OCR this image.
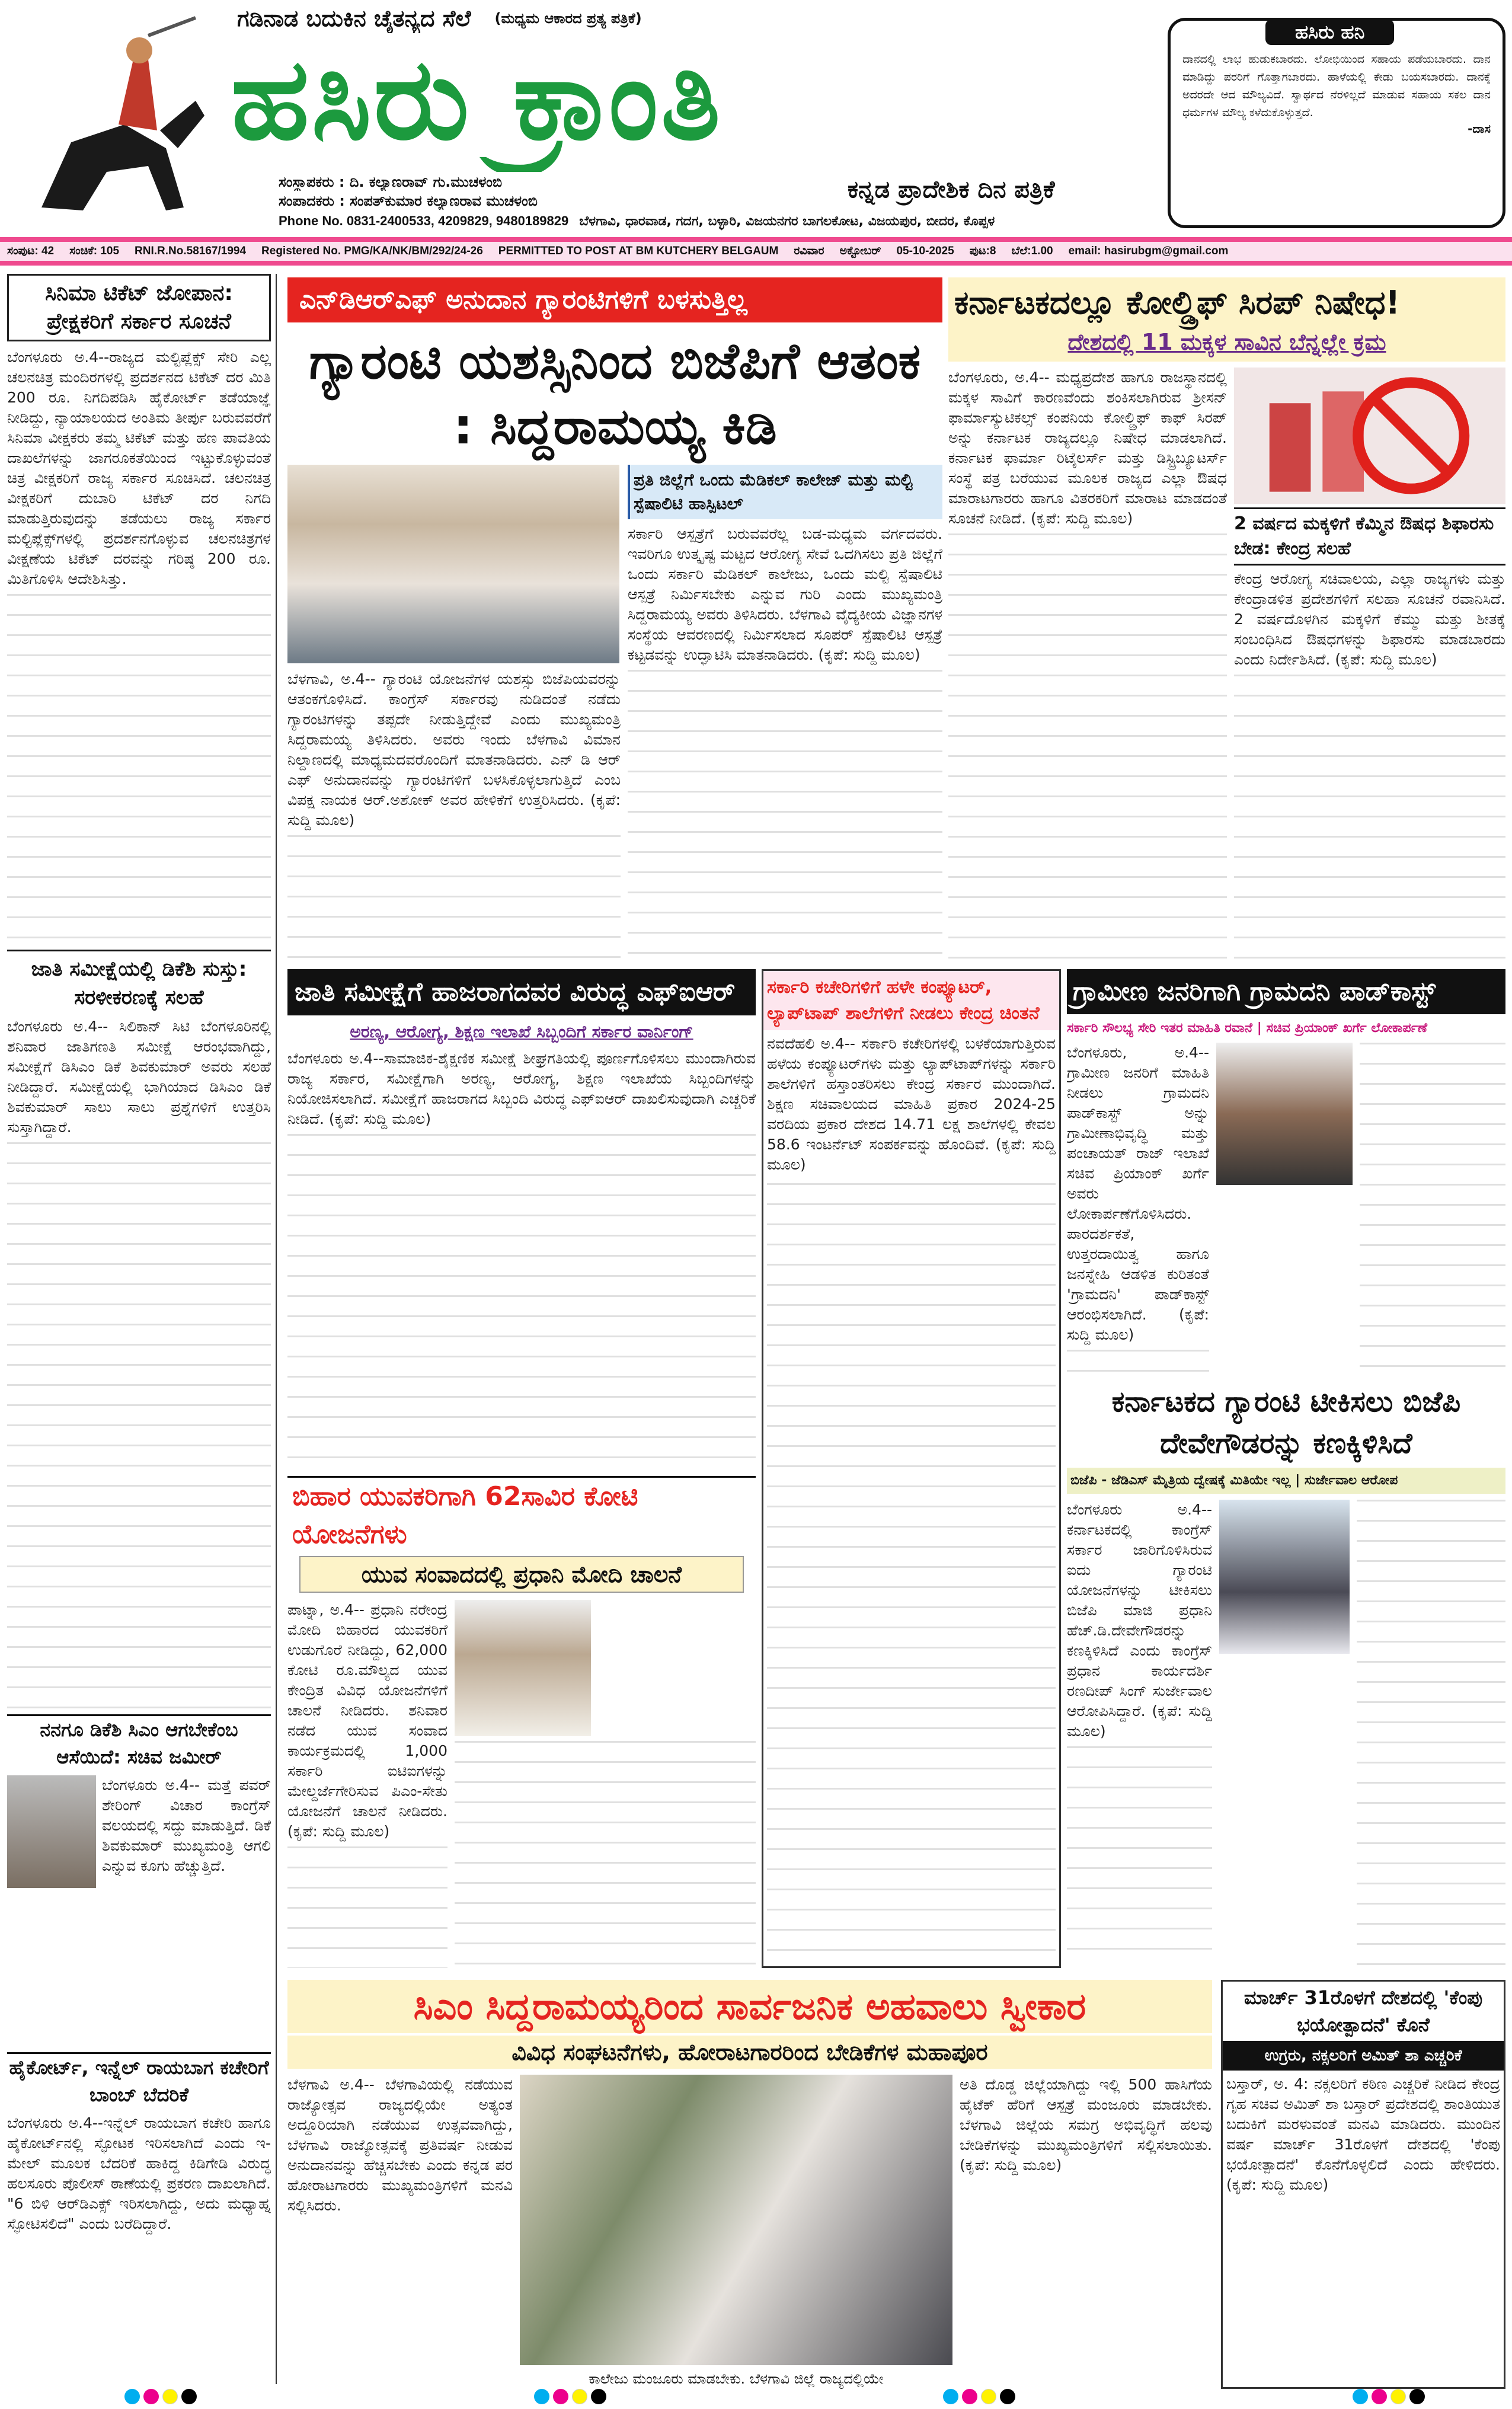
ಗಡಿನಾಡ ಬದುಕಿನ ಚೈತನ್ಯದ ಸೆಲೆ (ಮಧ್ಯಮ ಆಕಾರದ ಪ್ರತ್ಯ ಪತ್ರಿಕೆ)
ಹಸಿರು ಕ್ರಾಂತಿ
ಸಂಸ್ಥಾಪಕರು : ದಿ. ಕಲ್ಯಾಣರಾವ್ ಗು.ಮುಚಳಂಬಿ
ಸಂಪಾದಕರು : ಸಂಪತ್‌ಕುಮಾರ ಕಲ್ಯಾಣರಾವ ಮುಚಳಂಬಿ	ಕನ್ನಡ ಪ್ರಾದೇಶಿಕ ದಿನ ಪತ್ರಿಕೆ
Phone No. 0831-2400533, 4209829, 9480189829 ಬೆಳಗಾವಿ, ಧಾರವಾಡ, ಗದಗ, ಬಳ್ಳಾರಿ, ವಿಜಯನಗರ ಬಾಗಲಕೋಟ, ವಿಜಯಪುರ, ಬೀದರ, ಕೊಪ್ಪಳ
ಹಸಿರು ಹನಿ
ದಾನದಲ್ಲಿ ಲಾಭ ಹುಡುಕಬಾರದು. ಲೋಭಿಯಿಂದ ಸಹಾಯ ಪಡೆಯಬಾರದು. ದಾನ ಮಾಡಿದ್ದು ಪರರಿಗೆ ಗೊತ್ತಾಗಬಾರದು. ಹಾಳೆಯಲ್ಲಿ ಕೇಡು ಬಯಸಬಾರದು. ದಾನಕ್ಕೆ ಅದರದೇ ಆದ ಮೌಲ್ಯವಿದೆ. ಸ್ವಾರ್ಥದ ನೆರಳಿಲ್ಲದೆ ಮಾಡುವ ಸಹಾಯ ಸಕಲ ದಾನ ಧರ್ಮಗಳ ಮೌಲ್ಯ ಕಳೆದುಕೊಳ್ಳುತ್ತದೆ.
-ದಾಸ
ಸಂಪುಟ: 42 ಸಂಚಿಕೆ: 105 RNI.R.No.58167/1994 Registered No. PMG/KA/NK/BM/292/24-26 PERMITTED TO POST AT BM KUTCHERY BELGAUM ರವಿವಾರ ಅಕ್ಟೋಬರ್ 05-10-2025 ಪುಟ:8 ಬೆಲೆ:1.00 email: hasirubgm@gmail.com
ಸಿನಿಮಾ ಟಿಕೆಟ್ ಜೋಪಾನ: ಪ್ರೇಕ್ಷಕರಿಗೆ ಸರ್ಕಾರ ಸೂಚನೆ
ಬೆಂಗಳೂರು ಅ.4--ರಾಜ್ಯದ ಮಲ್ಟಿಪ್ಲೆಕ್ಸ್ ಸೇರಿ ಎಲ್ಲ ಚಲನಚಿತ್ರ ಮಂದಿರಗಳಲ್ಲಿ ಪ್ರದರ್ಶನದ ಟಿಕೆಟ್ ದರ ಮಿತಿ 200 ರೂ. ನಿಗದಿಪಡಿಸಿ ಹೈಕೋರ್ಟ್ ತಡೆಯಾಜ್ಞೆ ನೀಡಿದ್ದು, ನ್ಯಾಯಾಲಯದ ಅಂತಿಮ ತೀರ್ಪು ಬರುವವರೆಗೆ ಸಿನಿಮಾ ವೀಕ್ಷಕರು ತಮ್ಮ ಟಿಕೆಟ್ ಮತ್ತು ಹಣ ಪಾವತಿಯ ದಾಖಲೆಗಳನ್ನು ಜಾಗರೂಕತೆಯಿಂದ ಇಟ್ಟುಕೊಳ್ಳುವಂತೆ ಚಿತ್ರ ವೀಕ್ಷಕರಿಗೆ ರಾಜ್ಯ ಸರ್ಕಾರ ಸೂಚಿಸಿದೆ. ಚಲನಚಿತ್ರ ವೀಕ್ಷಕರಿಗೆ ದುಬಾರಿ ಟಿಕೆಟ್ ದರ ನಿಗದಿ ಮಾಡುತ್ತಿರುವುದನ್ನು ತಡೆಯಲು ರಾಜ್ಯ ಸರ್ಕಾರ ಮಲ್ಟಿಪ್ಲೆಕ್ಸ್‌ಗಳಲ್ಲಿ ಪ್ರದರ್ಶನಗೊಳ್ಳುವ ಚಲನಚಿತ್ರಗಳ ವೀಕ್ಷಣೆಯ ಟಿಕೆಟ್ ದರವನ್ನು ಗರಿಷ್ಠ 200 ರೂ. ಮಿತಿಗೊಳಿಸಿ ಆದೇಶಿಸಿತ್ತು.
ಜಾತಿ ಸಮೀಕ್ಷೆಯಲ್ಲಿ ಡಿಕೆಶಿ ಸುಸ್ತು: ಸರಳೀಕರಣಕ್ಕೆ ಸಲಹೆ
ಬೆಂಗಳೂರು ಅ.4-- ಸಿಲಿಕಾನ್ ಸಿಟಿ ಬೆಂಗಳೂರಿನಲ್ಲಿ ಶನಿವಾರ ಜಾತಿಗಣತಿ ಸಮೀಕ್ಷೆ ಆರಂಭವಾಗಿದ್ದು, ಸಮೀಕ್ಷೆಗೆ ಡಿಸಿಎಂ ಡಿಕೆ ಶಿವಕುಮಾರ್ ಅವರು ಸಲಹೆ ನೀಡಿದ್ದಾರೆ. ಸಮೀಕ್ಷೆಯಲ್ಲಿ ಭಾಗಿಯಾದ ಡಿಸಿಎಂ ಡಿಕೆ ಶಿವಕುಮಾರ್ ಸಾಲು ಸಾಲು ಪ್ರಶ್ನೆಗಳಿಗೆ ಉತ್ತರಿಸಿ ಸುಸ್ತಾಗಿದ್ದಾರೆ.
ನನಗೂ ಡಿಕೆಶಿ ಸಿಎಂ ಆಗಬೇಕೆಂಬ ಆಸೆಯಿದೆ: ಸಚಿವ ಜಮೀರ್
ಬೆಂಗಳೂರು ಅ.4-- ಮತ್ತೆ ಪವರ್ ಶೇರಿಂಗ್ ವಿಚಾರ ಕಾಂಗ್ರೆಸ್ ವಲಯದಲ್ಲಿ ಸದ್ದು ಮಾಡುತ್ತಿದೆ. ಡಿಕೆ ಶಿವಕುಮಾರ್ ಮುಖ್ಯಮಂತ್ರಿ ಆಗಲಿ ಎನ್ನುವ ಕೂಗು ಹೆಚ್ಚುತ್ತಿದೆ.
ಹೈಕೋರ್ಟ್, ಇನ್ನೆಲ್ ರಾಯಬಾಗ ಕಚೇರಿಗೆ ಬಾಂಬ್ ಬೆದರಿಕೆ
ಬೆಂಗಳೂರು ಅ.4--ಇನ್ನೆಲ್ ರಾಯಬಾಗ ಕಚೇರಿ ಹಾಗೂ ಹೈಕೋರ್ಟ್‌ನಲ್ಲಿ ಸ್ಫೋಟಕ ಇರಿಸಲಾಗಿದೆ ಎಂದು ಇ-ಮೇಲ್ ಮೂಲಕ ಬೆದರಿಕೆ ಹಾಕಿದ್ದ ಕಿಡಿಗೇಡಿ ವಿರುದ್ಧ ಹಲಸೂರು ಪೊಲೀಸ್ ಠಾಣೆಯಲ್ಲಿ ಪ್ರಕರಣ ದಾಖಲಾಗಿದೆ. "6 ಬಿಳಿ ಆರ್‌ಡಿಎಕ್ಸ್ ಇರಿಸಲಾಗಿದ್ದು, ಅದು ಮಧ್ಯಾಹ್ನ ಸ್ಫೋಟಿಸಲಿದೆ" ಎಂದು ಬರೆದಿದ್ದಾರೆ.
ಎನ್‌ಡಿಆರ್‌ಎಫ್ ಅನುದಾನ ಗ್ಯಾರಂಟಿಗಳಿಗೆ ಬಳಸುತ್ತಿಲ್ಲ
ಗ್ಯಾರಂಟಿ ಯಶಸ್ಸಿನಿಂದ ಬಿಜೆಪಿಗೆ ಆತಂಕ : ಸಿದ್ದರಾಮಯ್ಯ ಕಿಡಿ
ಬೆಳಗಾವಿ, ಅ.4-- ಗ್ಯಾರಂಟಿ ಯೋಜನೆಗಳ ಯಶಸ್ಸು ಬಿಜೆಪಿಯವರನ್ನು ಆತಂಕಗೊಳಿಸಿದೆ. ಕಾಂಗ್ರೆಸ್ ಸರ್ಕಾರವು ನುಡಿದಂತೆ ನಡೆದು ಗ್ಯಾರಂಟಿಗಳನ್ನು ತಪ್ಪದೇ ನೀಡುತ್ತಿದ್ದೇವೆ ಎಂದು ಮುಖ್ಯಮಂತ್ರಿ ಸಿದ್ದರಾಮಯ್ಯ ತಿಳಿಸಿದರು. ಅವರು ಇಂದು ಬೆಳಗಾವಿ ವಿಮಾನ ನಿಲ್ದಾಣದಲ್ಲಿ ಮಾಧ್ಯಮದವರೊಂದಿಗೆ ಮಾತನಾಡಿದರು. ಎನ್ ಡಿ ಆರ್ ಎಫ್ ಅನುದಾನವನ್ನು ಗ್ಯಾರಂಟಿಗಳಿಗೆ ಬಳಸಿಕೊಳ್ಳಲಾಗುತ್ತಿದೆ ಎಂಬ ವಿಪಕ್ಷ ನಾಯಕ ಆರ್.ಅಶೋಕ್ ಅವರ ಹೇಳಿಕೆಗೆ ಉತ್ತರಿಸಿದರು. (ಕೃಪೆ: ಸುದ್ದಿ ಮೂಲ)
ಪ್ರತಿ ಜಿಲ್ಲೆಗೆ ಒಂದು ಮೆಡಿಕಲ್ ಕಾಲೇಜ್ ಮತ್ತು ಮಲ್ಟಿ ಸ್ಪೆಷಾಲಿಟಿ ಹಾಸ್ಪಿಟಲ್
ಸರ್ಕಾರಿ ಆಸ್ಪತ್ರೆಗೆ ಬರುವವರೆಲ್ಲ ಬಡ-ಮಧ್ಯಮ ವರ್ಗದವರು. ಇವರಿಗೂ ಉತ್ಕೃಷ್ಟ ಮಟ್ಟದ ಆರೋಗ್ಯ ಸೇವೆ ಒದಗಿಸಲು ಪ್ರತಿ ಜಿಲ್ಲೆಗೆ ಒಂದು ಸರ್ಕಾರಿ ಮೆಡಿಕಲ್ ಕಾಲೇಜು, ಒಂದು ಮಲ್ಟಿ ಸ್ಪೆಷಾಲಿಟಿ ಆಸ್ಪತ್ರೆ ನಿರ್ಮಿಸಬೇಕು ಎನ್ನುವ ಗುರಿ ಎಂದು ಮುಖ್ಯಮಂತ್ರಿ ಸಿದ್ದರಾಮಯ್ಯ ಅವರು ತಿಳಿಸಿದರು. ಬೆಳಗಾವಿ ವೈದ್ಯಕೀಯ ವಿಜ್ಞಾನಗಳ ಸಂಸ್ಥೆಯ ಆವರಣದಲ್ಲಿ ನಿರ್ಮಿಸಲಾದ ಸೂಪರ್ ಸ್ಪೆಷಾಲಿಟಿ ಆಸ್ಪತ್ರೆ ಕಟ್ಟಡವನ್ನು ಉದ್ಘಾಟಿಸಿ ಮಾತನಾಡಿದರು. (ಕೃಪೆ: ಸುದ್ದಿ ಮೂಲ)
ಕರ್ನಾಟಕದಲ್ಲೂ ಕೋಲ್ಡ್ರಿಫ್ ಸಿರಪ್ ನಿಷೇಧ!
ದೇಶದಲ್ಲಿ 11 ಮಕ್ಕಳ ಸಾವಿನ ಬೆನ್ನಲ್ಲೇ ಕ್ರಮ
ಬೆಂಗಳೂರು, ಅ.4-- ಮಧ್ಯಪ್ರದೇಶ ಹಾಗೂ ರಾಜಸ್ಥಾನದಲ್ಲಿ ಮಕ್ಕಳ ಸಾವಿಗೆ ಕಾರಣವೆಂದು ಶಂಕಿಸಲಾಗಿರುವ ಶ್ರೀಸನ್ ಫಾರ್ಮಾಸ್ಯುಟಿಕಲ್ಸ್ ಕಂಪನಿಯ ಕೋಲ್ಡ್ರಿಫ್ ಕಾಫ್ ಸಿರಪ್ ಅನ್ನು ಕರ್ನಾಟಕ ರಾಜ್ಯದಲ್ಲೂ ನಿಷೇಧ ಮಾಡಲಾಗಿದೆ. ಕರ್ನಾಟಕ ಫಾರ್ಮಾ ರಿಟೈಲರ್ಸ್ ಮತ್ತು ಡಿಸ್ಟ್ರಿಬ್ಯೂಟರ್ಸ್ ಸಂಸ್ಥೆ ಪತ್ರ ಬರೆಯುವ ಮೂಲಕ ರಾಜ್ಯದ ಎಲ್ಲಾ ಔಷಧ ಮಾರಾಟಗಾರರು ಹಾಗೂ ವಿತರಕರಿಗೆ ಮಾರಾಟ ಮಾಡದಂತೆ ಸೂಚನೆ ನೀಡಿದೆ. (ಕೃಪೆ: ಸುದ್ದಿ ಮೂಲ)	2 ವರ್ಷದ ಮಕ್ಕಳಿಗೆ ಕೆಮ್ಮಿನ ಔಷಧ ಶಿಫಾರಸು ಬೇಡ: ಕೇಂದ್ರ ಸಲಹೆ
ಕೇಂದ್ರ ಆರೋಗ್ಯ ಸಚಿವಾಲಯ, ಎಲ್ಲಾ ರಾಜ್ಯಗಳು ಮತ್ತು ಕೇಂದ್ರಾಡಳಿತ ಪ್ರದೇಶಗಳಿಗೆ ಸಲಹಾ ಸೂಚನೆ ರವಾನಿಸಿದೆ. 2 ವರ್ಷದೊಳಗಿನ ಮಕ್ಕಳಿಗೆ ಕೆಮ್ಮು ಮತ್ತು ಶೀತಕ್ಕೆ ಸಂಬಂಧಿಸಿದ ಔಷಧಗಳನ್ನು ಶಿಫಾರಸು ಮಾಡಬಾರದು ಎಂದು ನಿರ್ದೇಶಿಸಿದೆ. (ಕೃಪೆ: ಸುದ್ದಿ ಮೂಲ)
ಜಾತಿ ಸಮೀಕ್ಷೆಗೆ ಹಾಜರಾಗದವರ ವಿರುದ್ಧ ಎಫ್‌ಐಆರ್
ಅರಣ್ಯ, ಆರೋಗ್ಯ, ಶಿಕ್ಷಣ ಇಲಾಖೆ ಸಿಬ್ಬಂದಿಗೆ ಸರ್ಕಾರ ವಾರ್ನಿಂಗ್
ಬೆಂಗಳೂರು ಅ.4--ಸಾಮಾಜಿಕ-ಶೈಕ್ಷಣಿಕ ಸಮೀಕ್ಷೆ ಶೀಘ್ರಗತಿಯಲ್ಲಿ ಪೂರ್ಣಗೊಳಿಸಲು ಮುಂದಾಗಿರುವ ರಾಜ್ಯ ಸರ್ಕಾರ, ಸಮೀಕ್ಷೆಗಾಗಿ ಅರಣ್ಯ, ಆರೋಗ್ಯ, ಶಿಕ್ಷಣ ಇಲಾಖೆಯ ಸಿಬ್ಬಂದಿಗಳನ್ನು ನಿಯೋಜಿಸಲಾಗಿದೆ. ಸಮೀಕ್ಷೆಗೆ ಹಾಜರಾಗದ ಸಿಬ್ಬಂದಿ ವಿರುದ್ಧ ಎಫ್‌ಐಆರ್ ದಾಖಲಿಸುವುದಾಗಿ ಎಚ್ಚರಿಕೆ ನೀಡಿದೆ. (ಕೃಪೆ: ಸುದ್ದಿ ಮೂಲ)
ಬಿಹಾರ ಯುವಕರಿಗಾಗಿ 62ಸಾವಿರ ಕೋಟಿ ಯೋಜನೆಗಳು
ಯುವ ಸಂವಾದದಲ್ಲಿ ಪ್ರಧಾನಿ ಮೋದಿ ಚಾಲನೆ
ಪಾಟ್ನಾ, ಅ.4-- ಪ್ರಧಾನಿ ನರೇಂದ್ರ ಮೋದಿ ಬಿಹಾರದ ಯುವಕರಿಗೆ ಉಡುಗೊರೆ ನೀಡಿದ್ದು, 62,000 ಕೋಟಿ ರೂ.ಮೌಲ್ಯದ ಯುವ ಕೇಂದ್ರಿತ ವಿವಿಧ ಯೋಜನೆಗಳಿಗೆ ಚಾಲನೆ ನೀಡಿದರು. ಶನಿವಾರ ನಡೆದ ಯುವ ಸಂವಾದ ಕಾರ್ಯಕ್ರಮದಲ್ಲಿ 1,000 ಸರ್ಕಾರಿ ಐಟಿಐಗಳನ್ನು ಮೇಲ್ದರ್ಜೆಗೇರಿಸುವ ಪಿಎಂ-ಸೇತು ಯೋಜನೆಗೆ ಚಾಲನೆ ನೀಡಿದರು. (ಕೃಪೆ: ಸುದ್ದಿ ಮೂಲ)
ಸರ್ಕಾರಿ ಕಚೇರಿಗಳಿಗೆ ಹಳೇ ಕಂಪ್ಯೂಟರ್, ಲ್ಯಾಪ್‌ಟಾಪ್ ಶಾಲೆಗಳಿಗೆ ನೀಡಲು ಕೇಂದ್ರ ಚಿಂತನೆ
ನವದೆಹಲಿ ಅ.4-- ಸರ್ಕಾರಿ ಕಚೇರಿಗಳಲ್ಲಿ ಬಳಕೆಯಾಗುತ್ತಿರುವ ಹಳೆಯ ಕಂಪ್ಯೂಟರ್‌ಗಳು ಮತ್ತು ಲ್ಯಾಪ್‌ಟಾಪ್‌ಗಳನ್ನು ಸರ್ಕಾರಿ ಶಾಲೆಗಳಿಗೆ ಹಸ್ತಾಂತರಿಸಲು ಕೇಂದ್ರ ಸರ್ಕಾರ ಮುಂದಾಗಿದೆ. ಶಿಕ್ಷಣ ಸಚಿವಾಲಯದ ಮಾಹಿತಿ ಪ್ರಕಾರ 2024-25 ವರದಿಯ ಪ್ರಕಾರ ದೇಶದ 14.71 ಲಕ್ಷ ಶಾಲೆಗಳಲ್ಲಿ ಕೇವಲ 58.6 ಇಂಟರ್ನೆಟ್ ಸಂಪರ್ಕವನ್ನು ಹೊಂದಿವೆ. (ಕೃಪೆ: ಸುದ್ದಿ ಮೂಲ)
ಗ್ರಾಮೀಣ ಜನರಿಗಾಗಿ ಗ್ರಾಮದನಿ ಪಾಡ್‌ಕಾಸ್ಟ್
ಸರ್ಕಾರಿ ಸೌಲಭ್ಯ ಸೇರಿ ಇತರ ಮಾಹಿತಿ ರವಾನೆ | ಸಚಿವ ಪ್ರಿಯಾಂಕ್ ಖರ್ಗೆ ಲೋಕಾರ್ಪಣೆ
ಬೆಂಗಳೂರು, ಅ.4-- ಗ್ರಾಮೀಣ ಜನರಿಗೆ ಮಾಹಿತಿ ನೀಡಲು ಗ್ರಾಮದನಿ ಪಾಡ್‌ಕಾಸ್ಟ್ ಅನ್ನು ಗ್ರಾಮೀಣಾಭಿವೃದ್ಧಿ ಮತ್ತು ಪಂಚಾಯತ್ ರಾಜ್ ಇಲಾಖೆ ಸಚಿವ ಪ್ರಿಯಾಂಕ್ ಖರ್ಗೆ ಅವರು ಲೋಕಾರ್ಪಣೆಗೊಳಿಸಿದರು. ಪಾರದರ್ಶಕತೆ, ಉತ್ತರದಾಯಿತ್ವ ಹಾಗೂ ಜನಸ್ನೇಹಿ ಆಡಳಿತ ಕುರಿತಂತೆ 'ಗ್ರಾಮದನಿ' ಪಾಡ್‌ಕಾಸ್ಟ್ ಆರಂಭಿಸಲಾಗಿದೆ. (ಕೃಪೆ: ಸುದ್ದಿ ಮೂಲ)
ಕರ್ನಾಟಕದ ಗ್ಯಾರಂಟಿ ಟೀಕಿಸಲು ಬಿಜೆಪಿ ದೇವೇಗೌಡರನ್ನು ಕಣಕ್ಕಿಳಿಸಿದೆ
ಬಿಜೆಪಿ - ಜೆಡಿಎಸ್ ಮೈತ್ರಿಯ ದ್ವೇಷಕ್ಕೆ ಮಿತಿಯೇ ಇಲ್ಲ | ಸುರ್ಜೇವಾಲ ಆರೋಪ
ಬೆಂಗಳೂರು ಅ.4-- ಕರ್ನಾಟಕದಲ್ಲಿ ಕಾಂಗ್ರೆಸ್ ಸರ್ಕಾರ ಜಾರಿಗೊಳಿಸಿರುವ ಐದು ಗ್ಯಾರಂಟಿ ಯೋಜನೆಗಳನ್ನು ಟೀಕಿಸಲು ಬಿಜೆಪಿ ಮಾಜಿ ಪ್ರಧಾನಿ ಹೆಚ್.ಡಿ.ದೇವೇಗೌಡರನ್ನು ಕಣಕ್ಕಿಳಿಸಿದೆ ಎಂದು ಕಾಂಗ್ರೆಸ್ ಪ್ರಧಾನ ಕಾರ್ಯದರ್ಶಿ ರಣದೀಪ್ ಸಿಂಗ್ ಸುರ್ಜೇವಾಲ ಆರೋಪಿಸಿದ್ದಾರೆ. (ಕೃಪೆ: ಸುದ್ದಿ ಮೂಲ)
ಸಿಎಂ ಸಿದ್ದರಾಮಯ್ಯರಿಂದ ಸಾರ್ವಜನಿಕ ಅಹವಾಲು ಸ್ವೀಕಾರ
ವಿವಿಧ ಸಂಘಟನೆಗಳು, ಹೋರಾಟಗಾರರಿಂದ ಬೇಡಿಕೆಗಳ ಮಹಾಪೂರ
ಬೆಳಗಾವಿ ಅ.4-- ಬೆಳಗಾವಿಯಲ್ಲಿ ನಡೆಯುವ ರಾಜ್ಯೋತ್ಸವ ರಾಜ್ಯದಲ್ಲಿಯೇ ಅತ್ಯಂತ ಅದ್ದೂರಿಯಾಗಿ ನಡೆಯುವ ಉತ್ಸವವಾಗಿದ್ದು, ಬೆಳಗಾವಿ ರಾಜ್ಯೋತ್ಸವಕ್ಕೆ ಪ್ರತಿವರ್ಷ ನೀಡುವ ಅನುದಾನವನ್ನು ಹೆಚ್ಚಿಸಬೇಕು ಎಂದು ಕನ್ನಡ ಪರ ಹೋರಾಟಗಾರರು ಮುಖ್ಯಮಂತ್ರಿಗಳಿಗೆ ಮನವಿ ಸಲ್ಲಿಸಿದರು.
ಕಾಲೇಜು ಮಂಜೂರು ಮಾಡಬೇಕು. ಬೆಳಗಾವಿ ಜಿಲ್ಲೆ ರಾಜ್ಯದಲ್ಲಿಯೇ
ಅತಿ ದೊಡ್ಡ ಜಿಲ್ಲೆಯಾಗಿದ್ದು ಇಲ್ಲಿ 500 ಹಾಸಿಗೆಯ ಹೈಟೆಕ್ ಹೆರಿಗೆ ಆಸ್ಪತ್ರೆ ಮಂಜೂರು ಮಾಡಬೇಕು. ಬೆಳಗಾವಿ ಜಿಲ್ಲೆಯ ಸಮಗ್ರ ಅಭಿವೃದ್ಧಿಗೆ ಹಲವು ಬೇಡಿಕೆಗಳನ್ನು ಮುಖ್ಯಮಂತ್ರಿಗಳಿಗೆ ಸಲ್ಲಿಸಲಾಯಿತು. (ಕೃಪೆ: ಸುದ್ದಿ ಮೂಲ)
ಮಾರ್ಚ್ 31ರೊಳಗೆ ದೇಶದಲ್ಲಿ 'ಕೆಂಪು ಭಯೋತ್ಪಾದನೆ' ಕೊನೆ
ಉಗ್ರರು, ನಕ್ಸಲರಿಗೆ ಅಮಿತ್ ಶಾ ಎಚ್ಚರಿಕೆ
ಬಸ್ತಾರ್, ಅ. 4: ನಕ್ಸಲರಿಗೆ ಕಠಿಣ ಎಚ್ಚರಿಕೆ ನೀಡಿದ ಕೇಂದ್ರ ಗೃಹ ಸಚಿವ ಅಮಿತ್ ಶಾ ಬಸ್ತಾರ್ ಪ್ರದೇಶದಲ್ಲಿ ಶಾಂತಿಯುತ ಬದುಕಿಗೆ ಮರಳುವಂತೆ ಮನವಿ ಮಾಡಿದರು. ಮುಂದಿನ ವರ್ಷ ಮಾರ್ಚ್ 31ರೊಳಗೆ ದೇಶದಲ್ಲಿ 'ಕೆಂಪು ಭಯೋತ್ಪಾದನೆ' ಕೊನೆಗೊಳ್ಳಲಿದೆ ಎಂದು ಹೇಳಿದರು. (ಕೃಪೆ: ಸುದ್ದಿ ಮೂಲ)
